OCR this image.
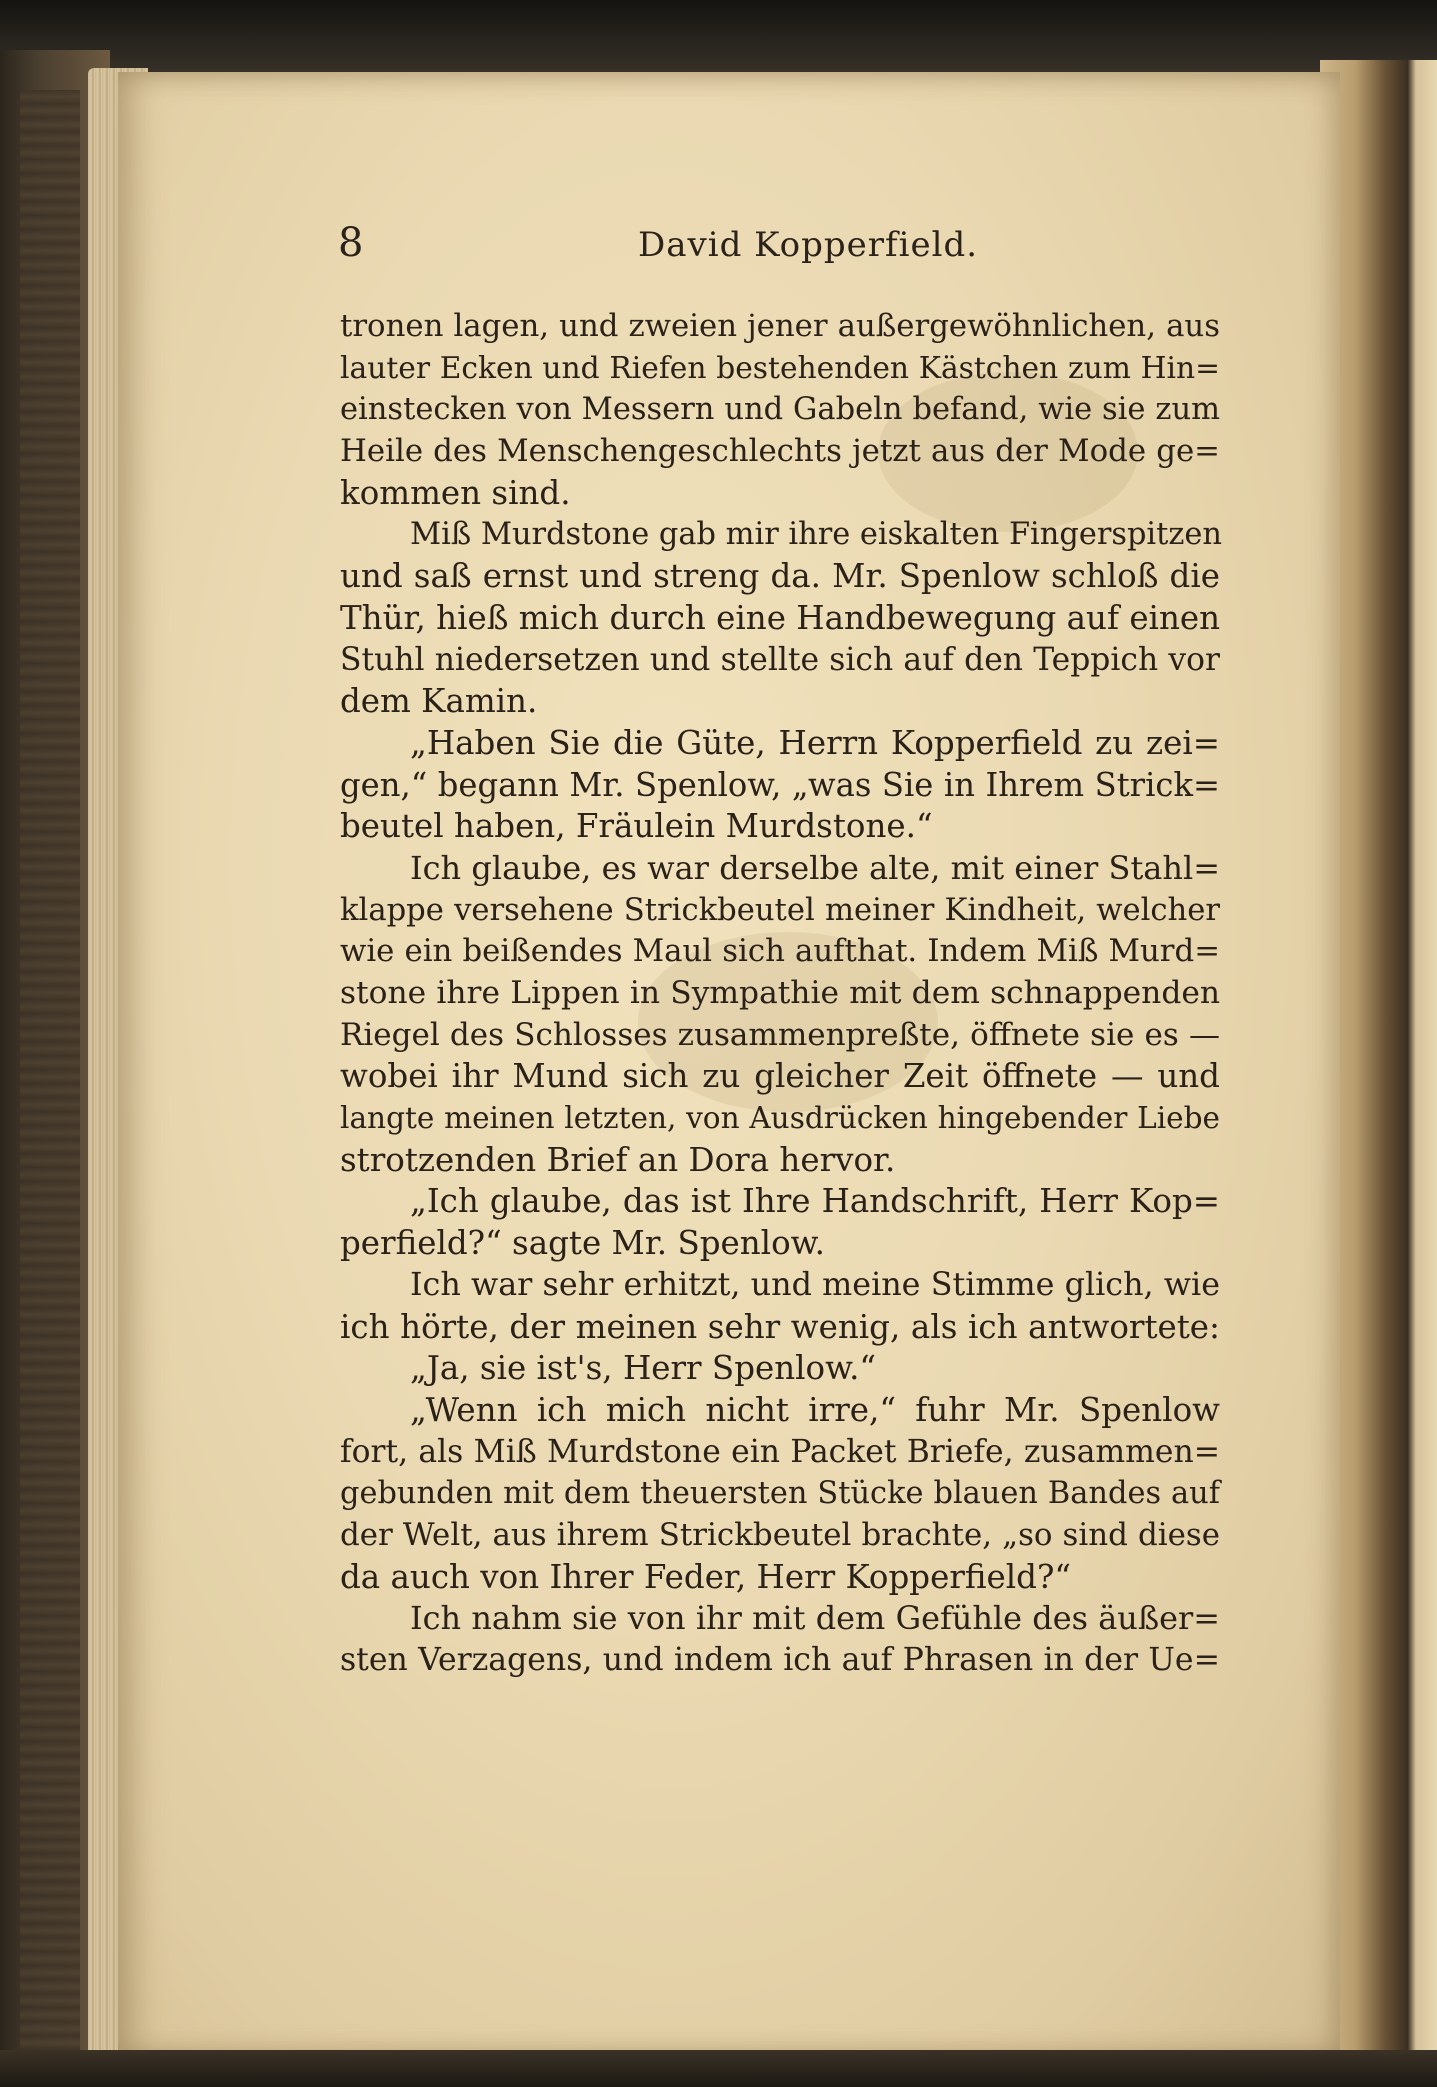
8	David Kopperfield.
tronen lagen, und zweien jener außergewöhnlichen, aus
lauter Ecken und Riefen bestehenden Kästchen zum Hin=
einstecken von Messern und Gabeln befand, wie sie zum
Heile des Menschengeschlechts jetzt aus der Mode ge=
kommen sind.
Miß Murdstone gab mir ihre eiskalten Fingerspitzen
und saß ernst und streng da. Mr. Spenlow schloß die
Thür, hieß mich durch eine Handbewegung auf einen
Stuhl niedersetzen und stellte sich auf den Teppich vor
dem Kamin.
„Haben Sie die Güte, Herrn Kopperfield zu zei=
gen,“ begann Mr. Spenlow, „was Sie in Ihrem Strick=
beutel haben, Fräulein Murdstone.“
Ich glaube, es war derselbe alte, mit einer Stahl=
klappe versehene Strickbeutel meiner Kindheit, welcher
wie ein beißendes Maul sich aufthat. Indem Miß Murd=
stone ihre Lippen in Sympathie mit dem schnappenden
Riegel des Schlosses zusammenpreßte, öffnete sie es —
wobei ihr Mund sich zu gleicher Zeit öffnete — und
langte meinen letzten, von Ausdrücken hingebender Liebe
strotzenden Brief an Dora hervor.
„Ich glaube, das ist Ihre Handschrift, Herr Kop=
perfield?“ sagte Mr. Spenlow.
Ich war sehr erhitzt, und meine Stimme glich, wie
ich hörte, der meinen sehr wenig, als ich antwortete:
„Ja, sie ist's, Herr Spenlow.“
„Wenn ich mich nicht irre,“ fuhr Mr. Spenlow
fort, als Miß Murdstone ein Packet Briefe, zusammen=
gebunden mit dem theuersten Stücke blauen Bandes auf
der Welt, aus ihrem Strickbeutel brachte, „so sind diese
da auch von Ihrer Feder, Herr Kopperfield?“
Ich nahm sie von ihr mit dem Gefühle des äußer=
sten Verzagens, und indem ich auf Phrasen in der Ue=
